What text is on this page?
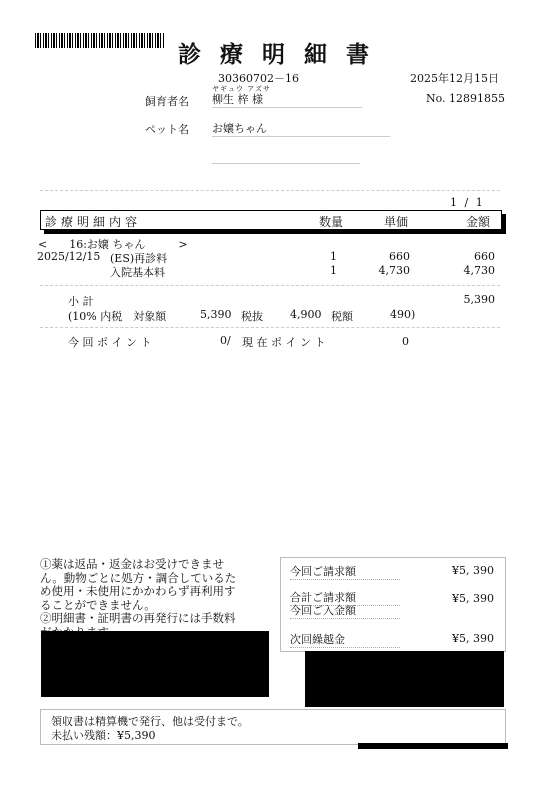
診療明細書
30360702－16	2025年12月15日
ヤギュウ アズサ
飼育者名 柳生 梓 様	No. 12891855
ペット名 お嬢ちゃん
1 / 1
診療明細内容	数量	単価	金額
<　　16:お嬢 ちゃん　　　>
2025/12/15 (ES)再診料	1	660	660
入院基本料	1	4,730	4,730
小 計	5,390
(10% 内税　対象額	5,390 税抜 4,900 税額	490)
今 回 ポ イ ン ト	0/ 現 在 ポ イ ン ト	0
①薬は返品・返金はお受けできません。動物ごとに処方・調合しているため使用・未使用にかかわらず再利用することができません。
②明細書・証明書の再発行には手数料
今回ご請求額	¥5, 390
合計ご請求額	¥5, 390
今回ご入金額
次回繰越金	¥5, 390
領収書は精算機で発行、他は受付まで。
未払い残額：¥5,390
